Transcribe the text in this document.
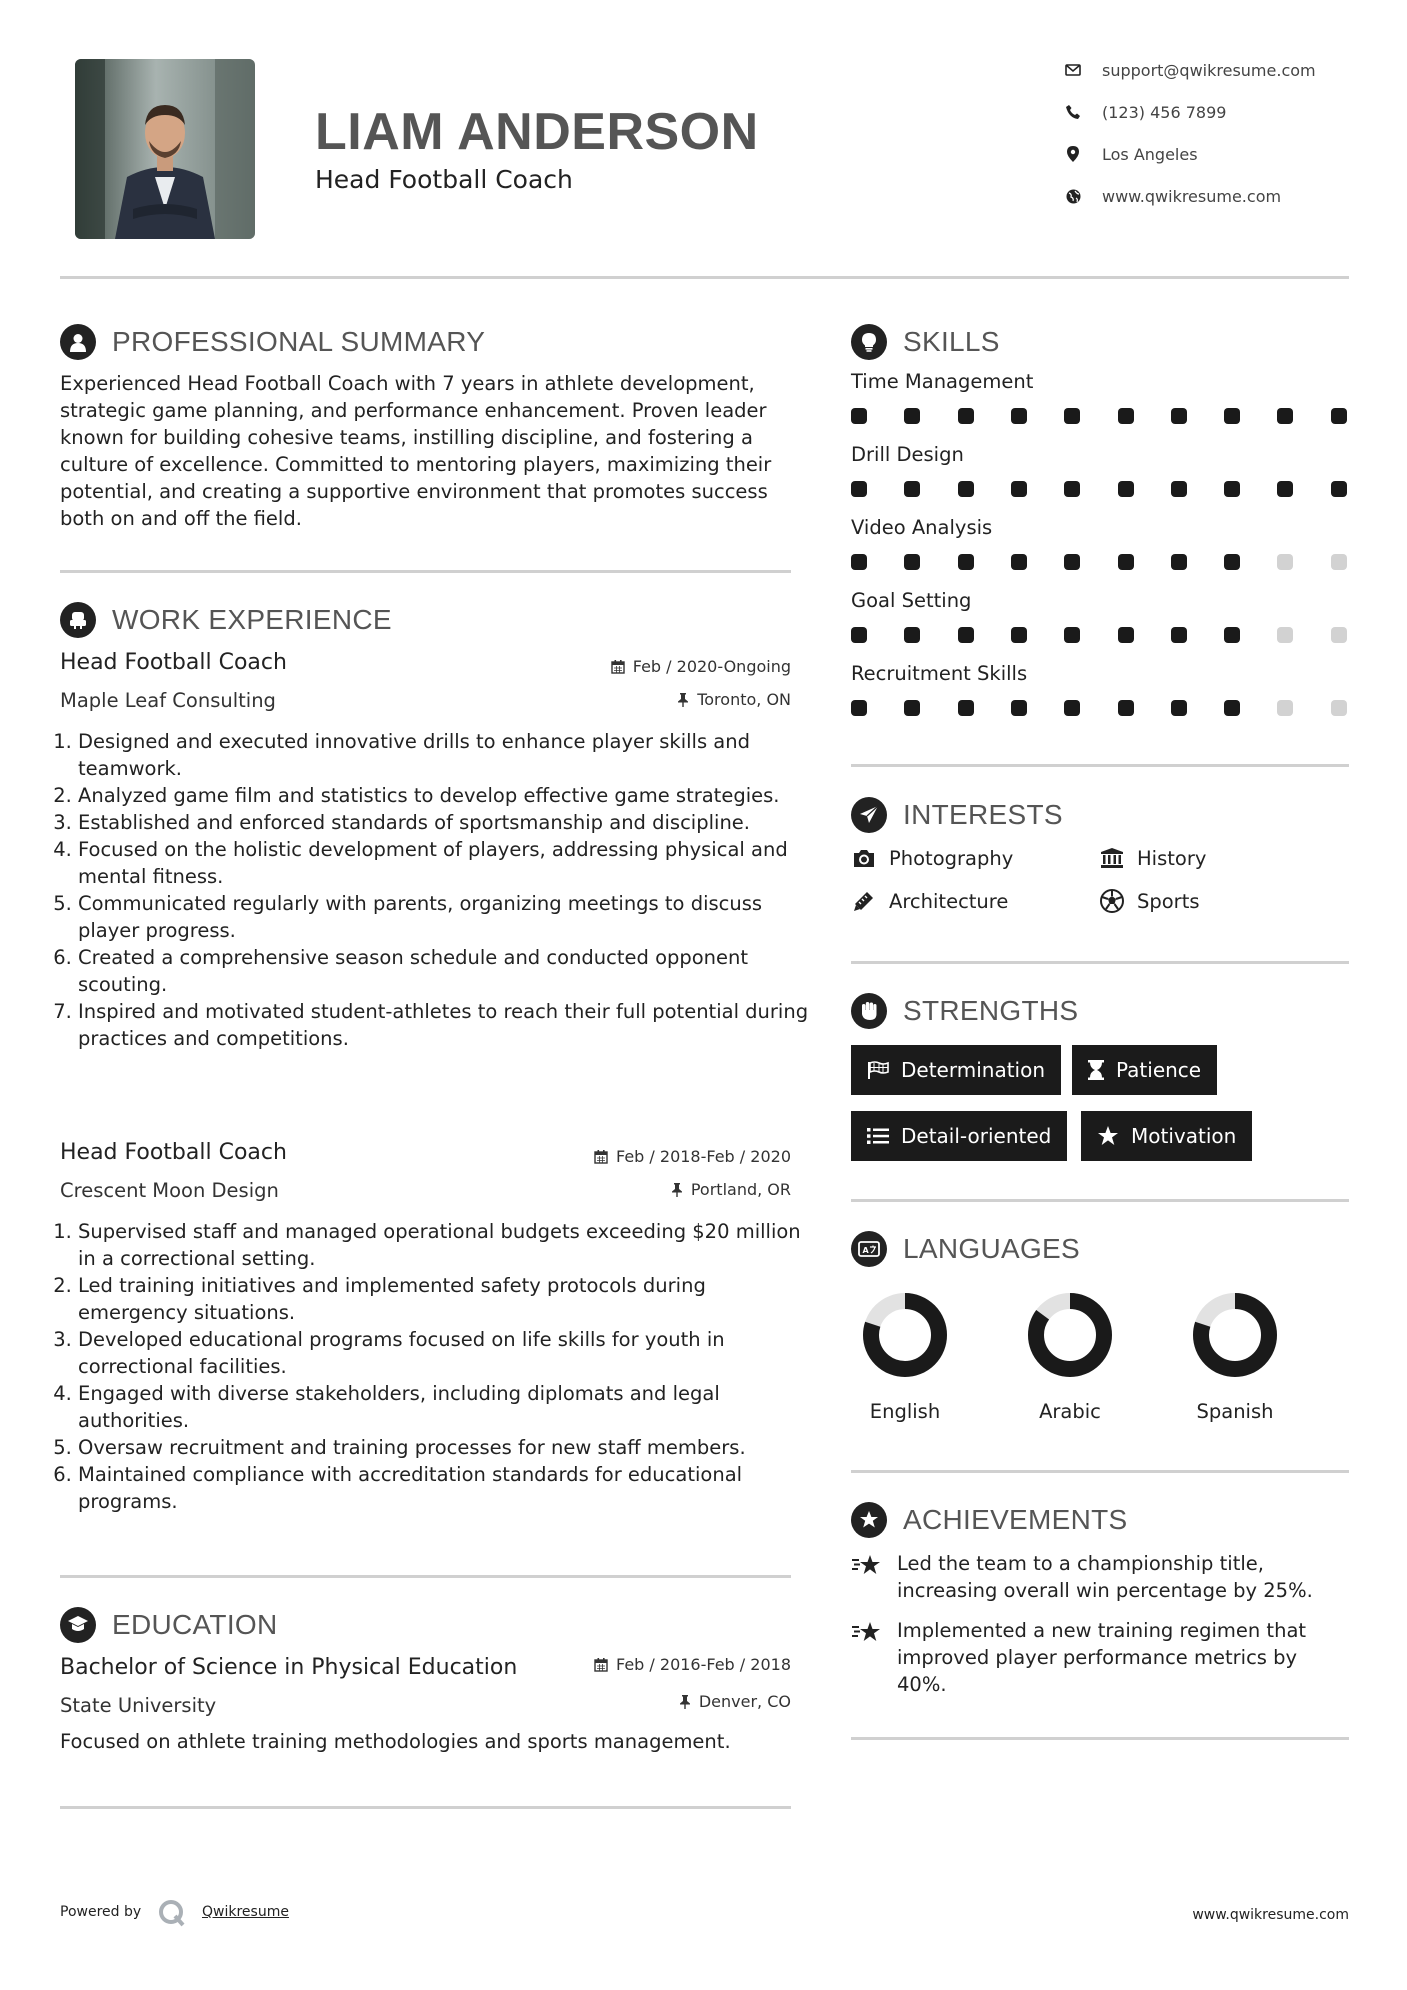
LIAM ANDERSON
Head Football Coach
support@qwikresume.com
(123) 456 7899
Los Angeles
www.qwikresume.com
PROFESSIONAL SUMMARY
Experienced Head Football Coach with 7 years in athlete development, strategic game planning, and performance enhancement. Proven leader known for building cohesive teams, instilling discipline, and fostering a culture of excellence. Committed to mentoring players, maximizing their potential, and creating a supportive environment that promotes success both on and off the field.
WORK EXPERIENCE
Head Football Coach	Feb / 2020-Ongoing
Maple Leaf Consulting	Toronto, ON
1. Designed and executed innovative drills to enhance player skills and teamwork.
2. Analyzed game film and statistics to develop effective game strategies.
3. Established and enforced standards of sportsmanship and discipline.
4. Focused on the holistic development of players, addressing physical and mental fitness.
5. Communicated regularly with parents, organizing meetings to discuss player progress.
6. Created a comprehensive season schedule and conducted opponent scouting.
7. Inspired and motivated student-athletes to reach their full potential during practices and competitions.
Head Football Coach	Feb / 2018-Feb / 2020
Crescent Moon Design	Portland, OR
1. Supervised staff and managed operational budgets exceeding $20 million in a correctional setting.
2. Led training initiatives and implemented safety protocols during emergency situations.
3. Developed educational programs focused on life skills for youth in correctional facilities.
4. Engaged with diverse stakeholders, including diplomats and legal authorities.
5. Oversaw recruitment and training processes for new staff members.
6. Maintained compliance with accreditation standards for educational programs.
EDUCATION
Bachelor of Science in Physical Education	Feb / 2016-Feb / 2018
State University	Denver, CO
Focused on athlete training methodologies and sports management.
SKILLS
Time Management
Drill Design
Video Analysis
Goal Setting
Recruitment Skills
INTERESTS
Photography	History
Architecture	Sports
STRENGTHS
Determination	Patience
Detail-oriented	Motivation
A LANGUAGES
English	Arabic	Spanish
ACHIEVEMENTS
Led the team to a championship title, increasing overall win percentage by 25%.
Implemented a new training regimen that improved player performance metrics by 40%.
Powered by	Qwikresume	www.qwikresume.com
